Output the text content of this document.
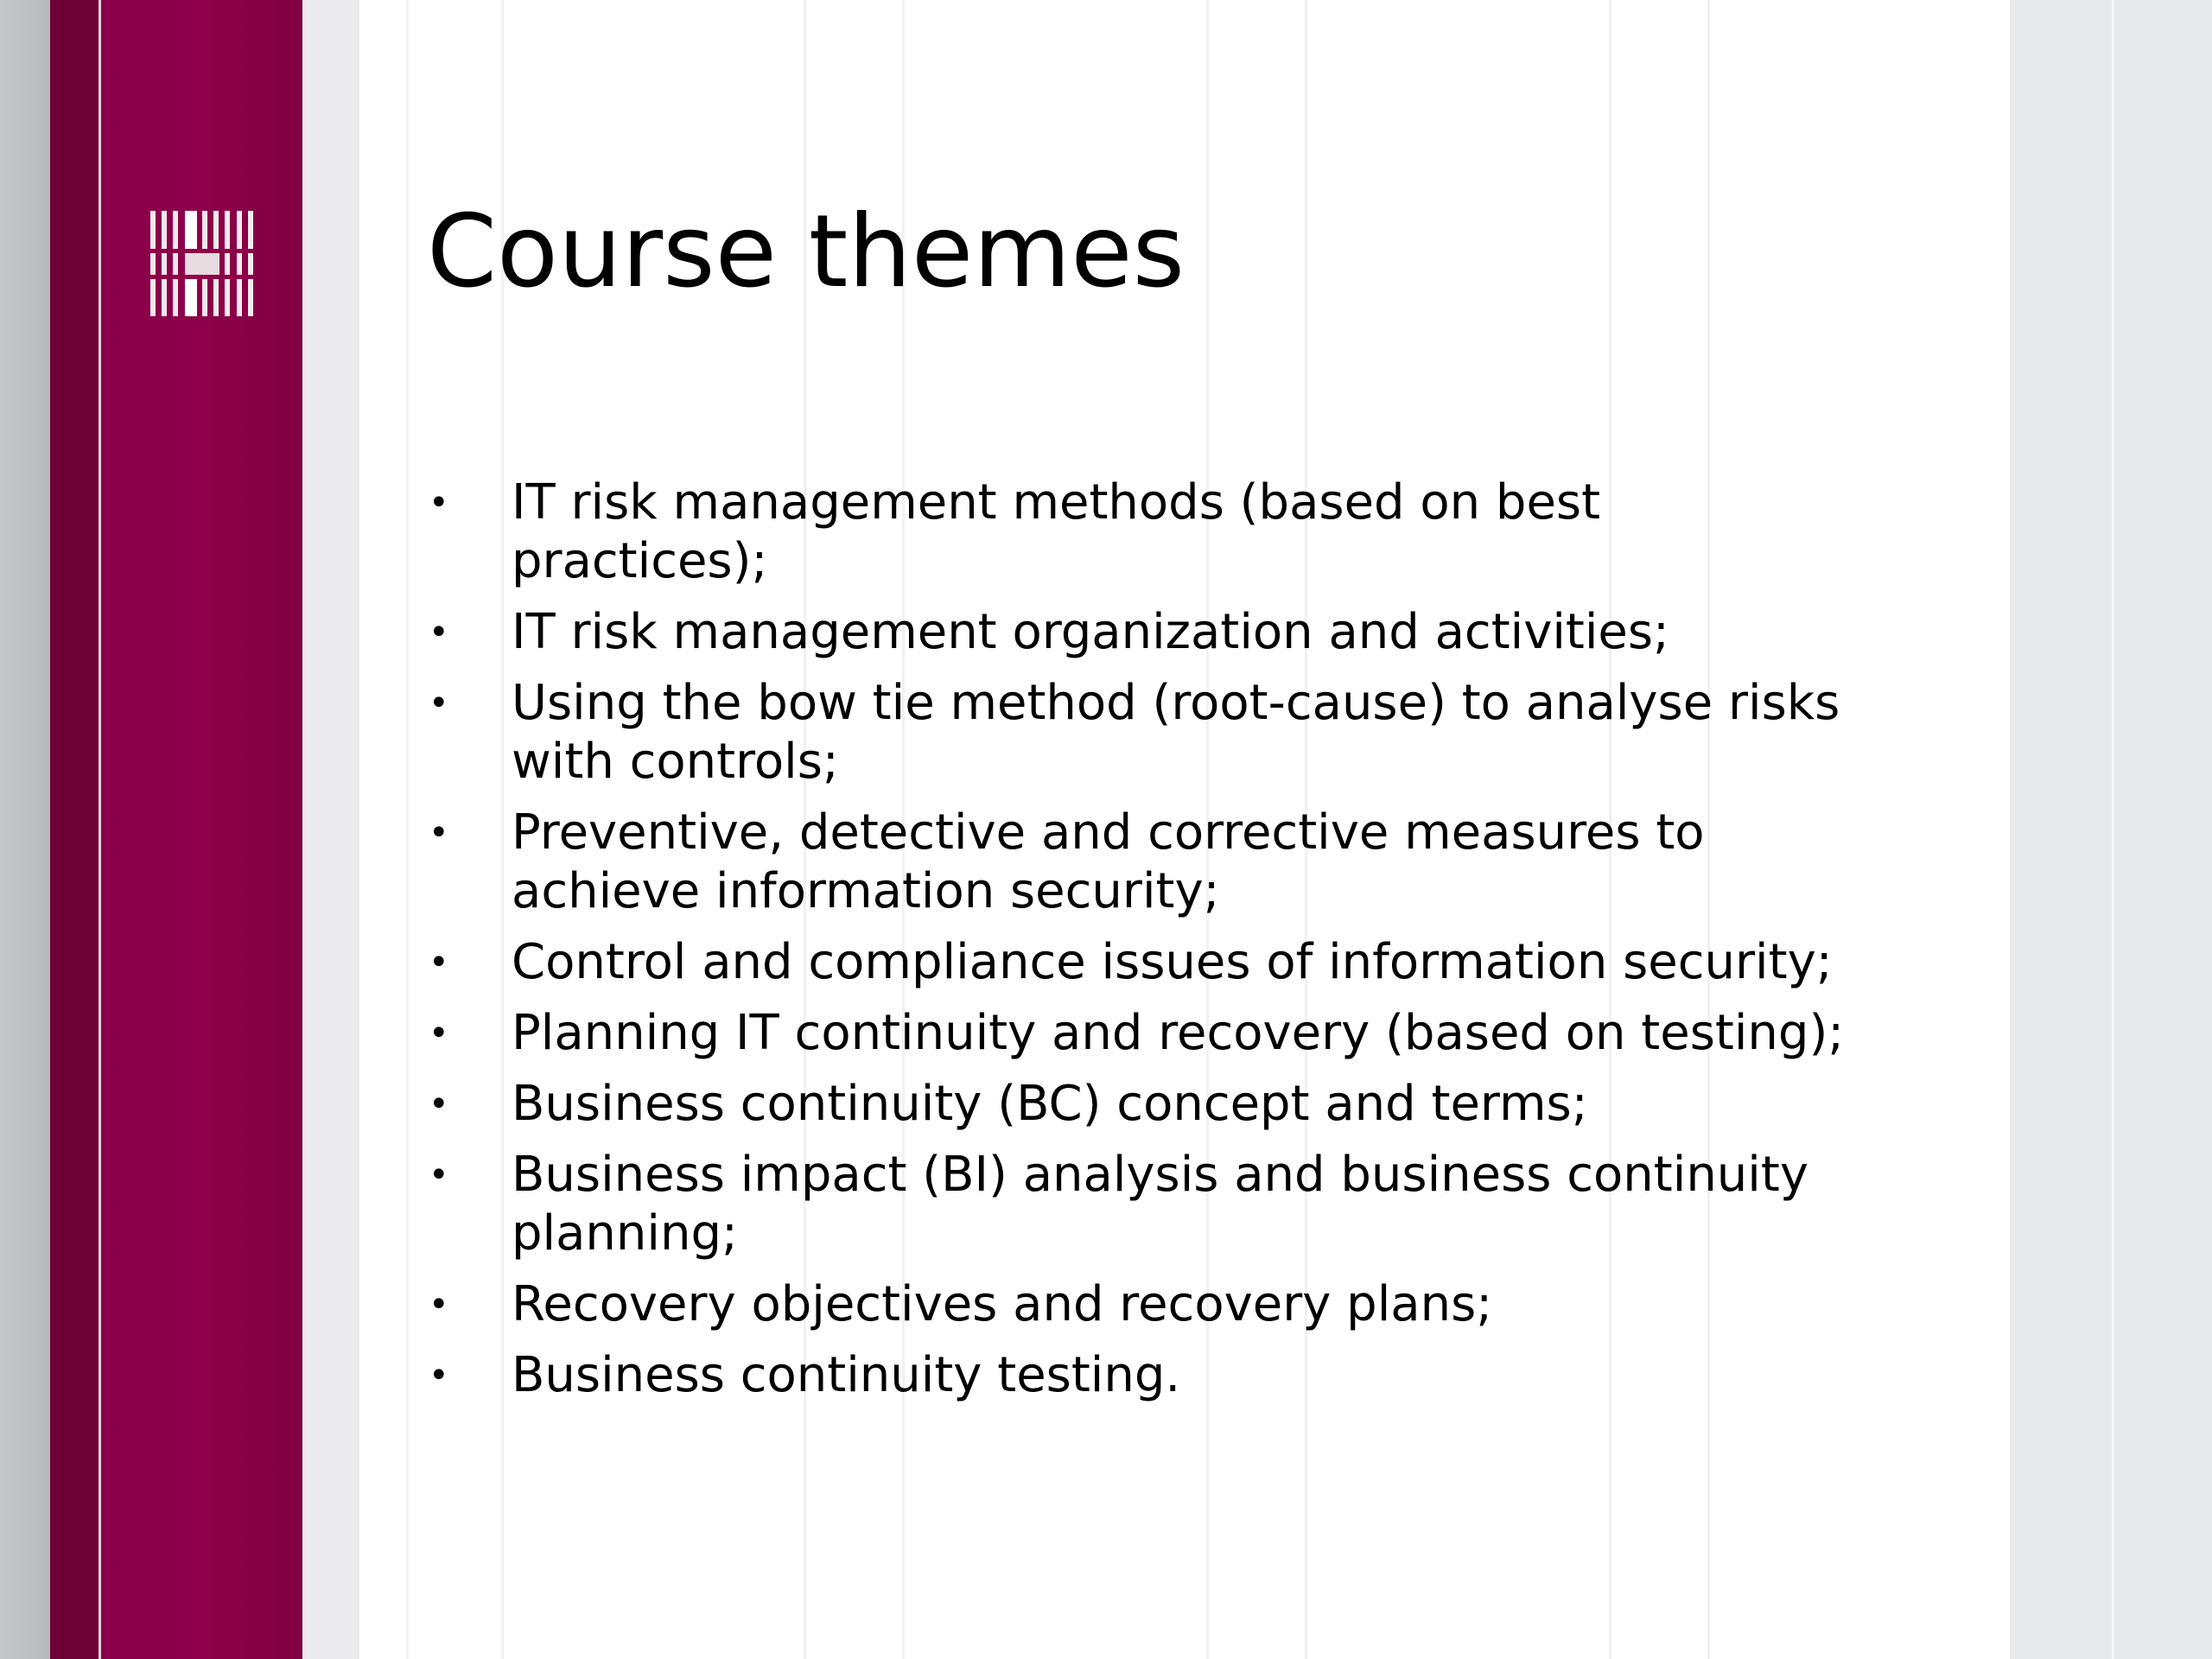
Course themes
• IT risk management methods (based on best
practices);
• IT risk management organization and activities;
• Using the bow tie method (root-cause) to analyse risks
with controls;
• Preventive, detective and corrective measures to
achieve information security;
• Control and compliance issues of information security;
• Planning IT continuity and recovery (based on testing);
• Business continuity (BC) concept and terms;
• Business impact (BI) analysis and business continuity
planning;
• Recovery objectives and recovery plans;
• Business continuity testing.
